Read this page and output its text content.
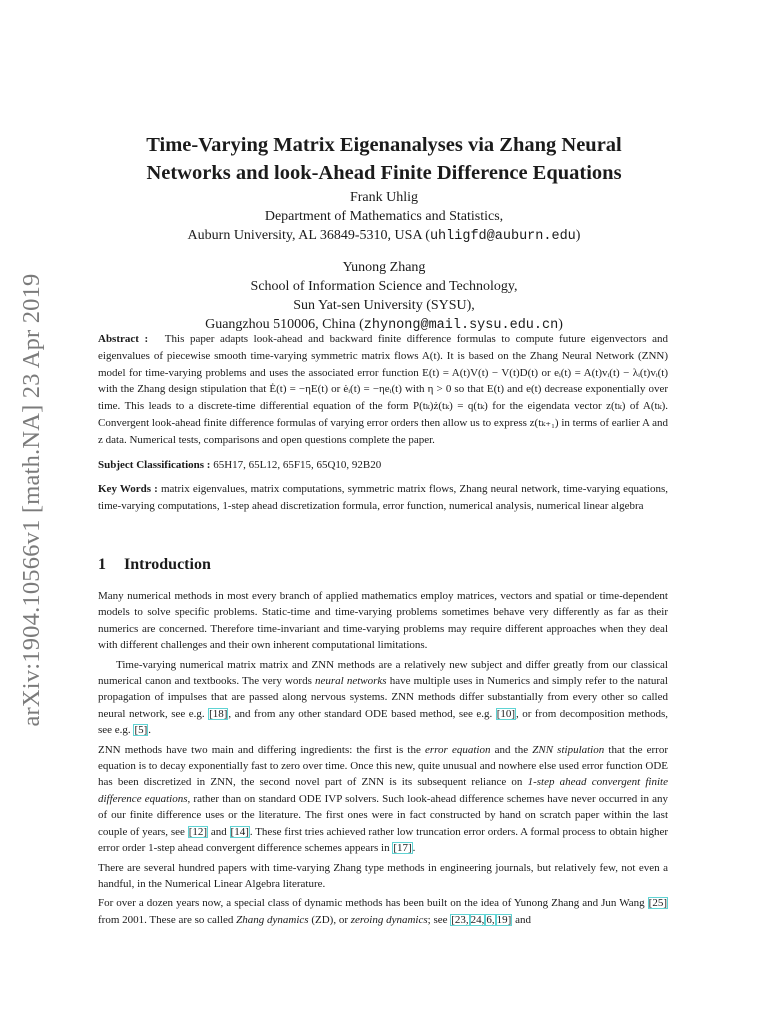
arXiv:1904.10566v1 [math.NA] 23 Apr 2019
Time-Varying Matrix Eigenanalyses via Zhang Neural
Networks and look-Ahead Finite Difference Equations
Frank Uhlig
Department of Mathematics and Statistics,
Auburn University, AL 36849-5310, USA (uhligfd@auburn.edu)
Yunong Zhang
School of Information Science and Technology,
Sun Yat-sen University (SYSU),
Guangzhou 510006, China (zhynong@mail.sysu.edu.cn)

Abstract : This paper adapts look-ahead and backward finite difference formulas to compute future eigenvectors and eigenvalues of piecewise smooth time-varying symmetric matrix flows A(t). It is based on the Zhang Neural Network (ZNN) model for time-varying problems and uses the associated error function E(t) = A(t)V(t) − V(t)D(t) or eᵢ(t) = A(t)vᵢ(t) − λᵢ(t)vᵢ(t) with the Zhang design stipulation that Ė(t) = −ηE(t) or ėᵢ(t) = −ηeᵢ(t) with η > 0 so that E(t) and e(t) decrease exponentially over time. This leads to a discrete-time differential equation of the form P(tₖ)ż(tₖ) = q(tₖ) for the eigendata vector z(tₖ) of A(tₖ). Convergent look-ahead finite difference formulas of varying error orders then allow us to express z(tₖ₊₁) in terms of earlier A and z data. Numerical tests, comparisons and open questions complete the paper.

Subject Classifications : 65H17, 65L12, 65F15, 65Q10, 92B20

Key Words : matrix eigenvalues, matrix computations, symmetric matrix flows, Zhang neural network, time-varying equations, time-varying computations, 1-step ahead discretization formula, error function, numerical analysis, numerical linear algebra

1 Introduction

Many numerical methods in most every branch of applied mathematics employ matrices, vectors and spatial or time-dependent models to solve specific problems. Static-time and time-varying problems sometimes behave very differently as far as their numerics are concerned. Therefore time-invariant and time-varying problems may require different approaches when they deal with different challenges and their own inherent computational limitations.

Time-varying numerical matrix matrix and ZNN methods are a relatively new subject and differ greatly from our classical numerical canon and textbooks. The very words neural networks have multiple uses in Numerics and simply refer to the natural propagation of impulses that are passed along nervous systems. ZNN methods differ substantially from every other so called neural network, see e.g. [18], and from any other standard ODE based method, see e.g. [10], or from decomposition methods, see e.g. [5].

ZNN methods have two main and differing ingredients: the first is the error equation and the ZNN stipulation that the error equation is to decay exponentially fast to zero over time. Once this new, quite unusual and nowhere else used error function ODE has been discretized in ZNN, the second novel part of ZNN is its subsequent reliance on 1-step ahead convergent finite difference equations, rather than on standard ODE IVP solvers. Such look-ahead difference schemes have never occurred in any of our finite difference uses or the literature. The first ones were in fact constructed by hand on scratch paper within the last couple of years, see [12] and [14]. These first tries achieved rather low truncation error orders. A formal process to obtain higher error order 1-step ahead convergent difference schemes appears in [17].

There are several hundred papers with time-varying Zhang type methods in engineering journals, but relatively few, not even a handful, in the Numerical Linear Algebra literature.

For over a dozen years now, a special class of dynamic methods has been built on the idea of Yunong Zhang and Jun Wang [25] from 2001. These are so called Zhang dynamics (ZD), or zeroing dynamics; see [23, 24, 6, 19] and
